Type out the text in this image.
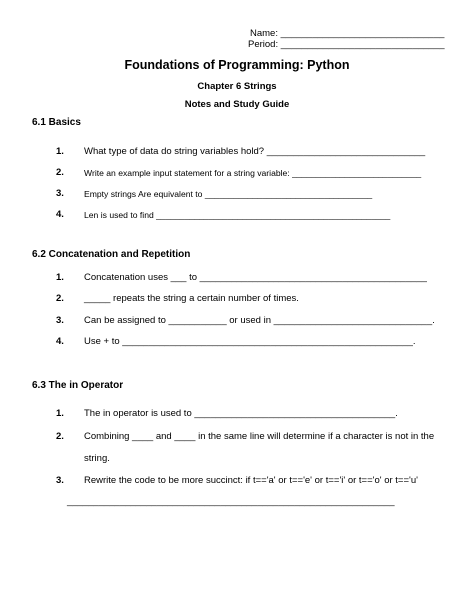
Name: _______________________________
Period: _______________________________
Foundations of Programming: Python
Chapter 6 Strings
Notes and Study Guide
6.1 Basics
1. What type of data do string variables hold? ______________________________
2. Write an example input statement for a string variable: ___________________________
3. Empty strings Are equivalent to ___________________________________
4. Len is used to find _________________________________________________
6.2 Concatenation and Repetition
1. Concatenation uses ___ to ___________________________________________
2. _____ repeats the string a certain number of times.
3. Can be assigned to ___________ or used in ______________________________.
4. Use + to _______________________________________________________.
6.3 The in Operator
1. The in operator is used to ______________________________________.
2. Combining ____ and ____ in the same line will determine if a character is not in the
string.
3. Rewrite the code to be more succinct: if t=='a' or t=='e' or t=='i' or t=='o' or t=='u'
______________________________________________________________
